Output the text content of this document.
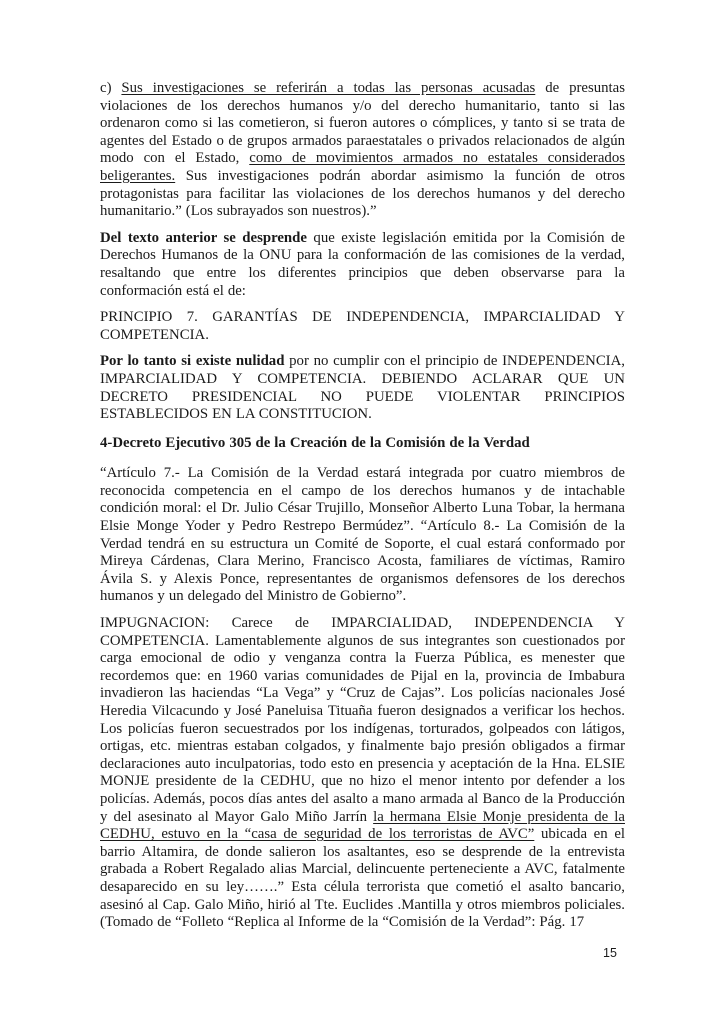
c) Sus investigaciones se referirán a todas las personas acusadas de presuntas violaciones de los derechos humanos y/o del derecho humanitario, tanto si las ordenaron como si las cometieron, si fueron autores o cómplices, y tanto si se trata de agentes del Estado o de grupos armados paraestatales o privados relacionados de algún modo con el Estado, como de movimientos armados no estatales considerados beligerantes. Sus investigaciones podrán abordar asimismo la función de otros protagonistas para facilitar las violaciones de los derechos humanos y del derecho humanitario.” (Los subrayados son nuestros).”

Del texto anterior se desprende que existe legislación emitida por la Comisión de Derechos Humanos de la ONU para la conformación de las comisiones de la verdad, resaltando que entre los diferentes principios que deben observarse para la conformación está el de:

PRINCIPIO 7. GARANTÍAS DE INDEPENDENCIA, IMPARCIALIDAD Y COMPETENCIA.

Por lo tanto si existe nulidad por no cumplir con el principio de INDEPENDENCIA, IMPARCIALIDAD Y COMPETENCIA. DEBIENDO ACLARAR QUE UN DECRETO PRESIDENCIAL NO PUEDE VIOLENTAR PRINCIPIOS ESTABLECIDOS EN LA CONSTITUCION.

4-Decreto Ejecutivo 305 de la Creación de la Comisión de la Verdad

“Artículo 7.- La Comisión de la Verdad estará integrada por cuatro miembros de reconocida competencia en el campo de los derechos humanos y de intachable condición moral: el Dr. Julio César Trujillo, Monseñor Alberto Luna Tobar, la hermana Elsie Monge Yoder y Pedro Restrepo Bermúdez”. “Artículo 8.- La Comisión de la Verdad tendrá en su estructura un Comité de Soporte, el cual estará conformado por Mireya Cárdenas, Clara Merino, Francisco Acosta, familiares de víctimas, Ramiro Ávila S. y Alexis Ponce, representantes de organismos defensores de los derechos humanos y un delegado del Ministro de Gobierno”.

IMPUGNACION: Carece de IMPARCIALIDAD, INDEPENDENCIA Y COMPETENCIA. Lamentablemente algunos de sus integrantes son cuestionados por carga emocional de odio y venganza contra la Fuerza Pública, es menester que recordemos que: en 1960 varias comunidades de Pijal en la, provincia de Imbabura invadieron las haciendas “La Vega” y “Cruz de Cajas”. Los policías nacionales José Heredia Vilcacundo y José Paneluisa Tituaña fueron designados a verificar los hechos. Los policías fueron secuestrados por los indígenas, torturados, golpeados con látigos, ortigas, etc. mientras estaban colgados, y finalmente bajo presión obligados a firmar declaraciones auto inculpatorias, todo esto en presencia y aceptación de la Hna. ELSIE MONJE presidente de la CEDHU, que no hizo el menor intento por defender a los policías. Además, pocos días antes del asalto a mano armada al Banco de la Producción y del asesinato al Mayor Galo Miño Jarrín la hermana Elsie Monje presidenta de la CEDHU, estuvo en la “casa de seguridad de los terroristas de AVC” ubicada en el barrio Altamira, de donde salieron los asaltantes, eso se desprende de la entrevista grabada a Robert Regalado alias Marcial, delincuente perteneciente a AVC, fatalmente desaparecido en su ley…….” Esta célula terrorista que cometió el asalto bancario, asesinó al Cap. Galo Miño, hirió al Tte. Euclides .Mantilla y otros miembros policiales. (Tomado de “Folleto “Replica al Informe de la “Comisión de la Verdad”: Pág. 17

15
